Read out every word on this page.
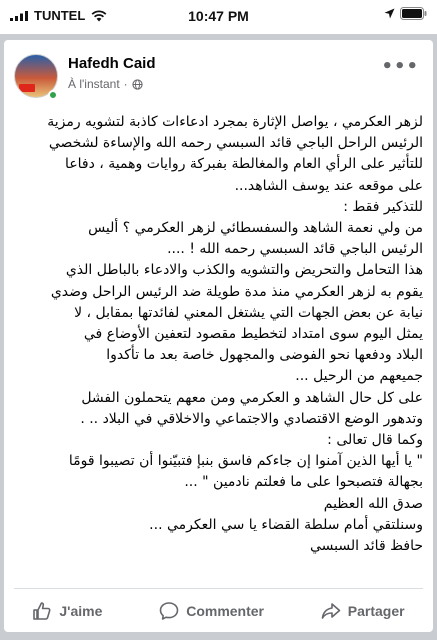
TUNTEL	10:47 PM
Hafedh Caid
À l'instant ·
•••
لزهر العكرمي ، يواصل الإثارة بمجرد ادعاءات كاذبة لتشويه رمزية
الرئيس الراحل الباجي قائد السبسي رحمه الله والإساءة لشخصي
للتأثير على الرأي العام والمغالطة بفبركة روايات وهمية ، دفاعا
على موقعه عند يوسف الشاهد...
للتذكير فقط :
من ولي نعمة الشاهد والسفسطائي لزهر العكرمي ؟ أليس
الرئيس الباجي قائد السبسي رحمه الله ! ....
هذا التحامل والتحريض والتشويه والكذب والادعاء بالباطل الذي
يقوم به لزهر العكرمي منذ مدة طويلة ضد الرئيس الراحل وضدي
نيابة عن بعض الجهات التي يشتغل المعني لفائدتها بمقابل ، لا
يمثل اليوم سوى امتداد لتخطيط مقصود لتعفين الأوضاع في
البلاد ودفعها نحو الفوضى والمجهول خاصة بعد ما تأكدوا
جميعهم من الرحيل ...
على كل حال الشاهد و العكرمي ومن معهم يتحملون الفشل
وتدهور الوضع الاقتصادي والاجتماعي والاخلاقي في البلاد .. .
وكما قال تعالى :
" يا أيها الذين آمنوا إن جاءكم فاسق بنبإ فتبيّنوا أن تصيبوا قومًا
بجهالة فتصبحوا على ما فعلتم نادمين " ...
صدق الله العظيم
وسنلتقي أمام سلطة القضاء يا سي العكرمي ...
حافظ قائد السبسي
J'aime	Commenter	Partager
